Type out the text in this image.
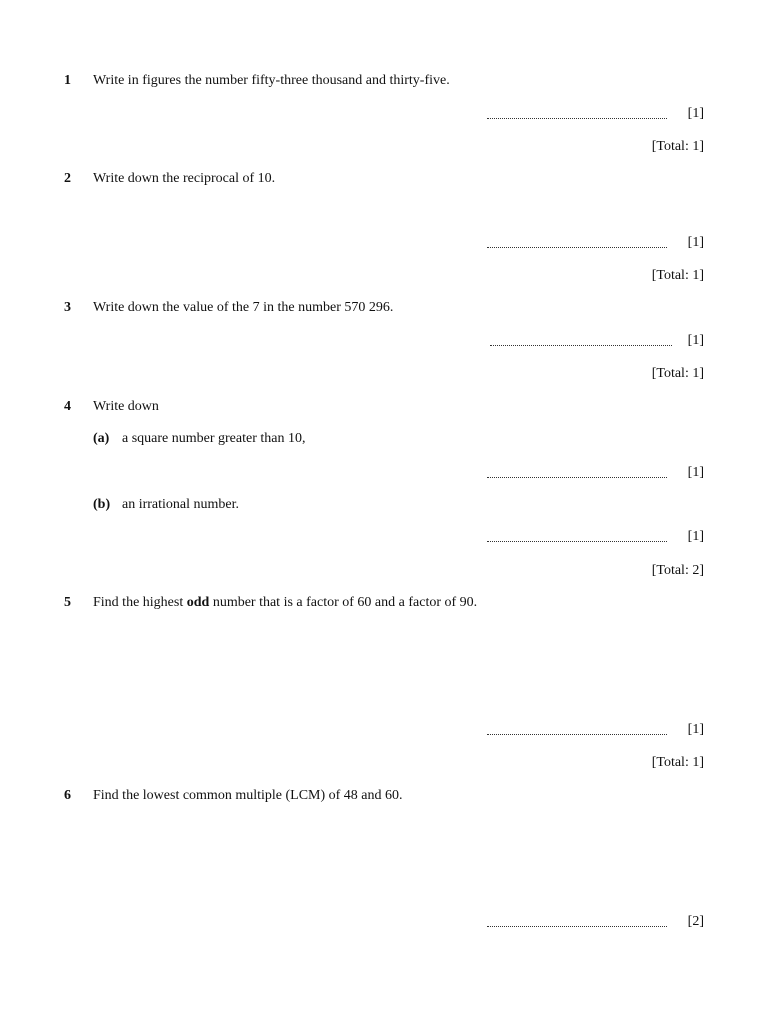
1 Write in figures the number fifty-three thousand and thirty-five.
[1]
[Total: 1]
2 Write down the reciprocal of 10.
[1]
[Total: 1]
3 Write down the value of the 7 in the number 570 296.
[1]
[Total: 1]
4 Write down
(a) a square number greater than 10,
[1]
(b) an irrational number.
[1]
[Total: 2]
5 Find the highest odd number that is a factor of 60 and a factor of 90.
[1]
[Total: 1]
6 Find the lowest common multiple (LCM) of 48 and 60.
[2]
